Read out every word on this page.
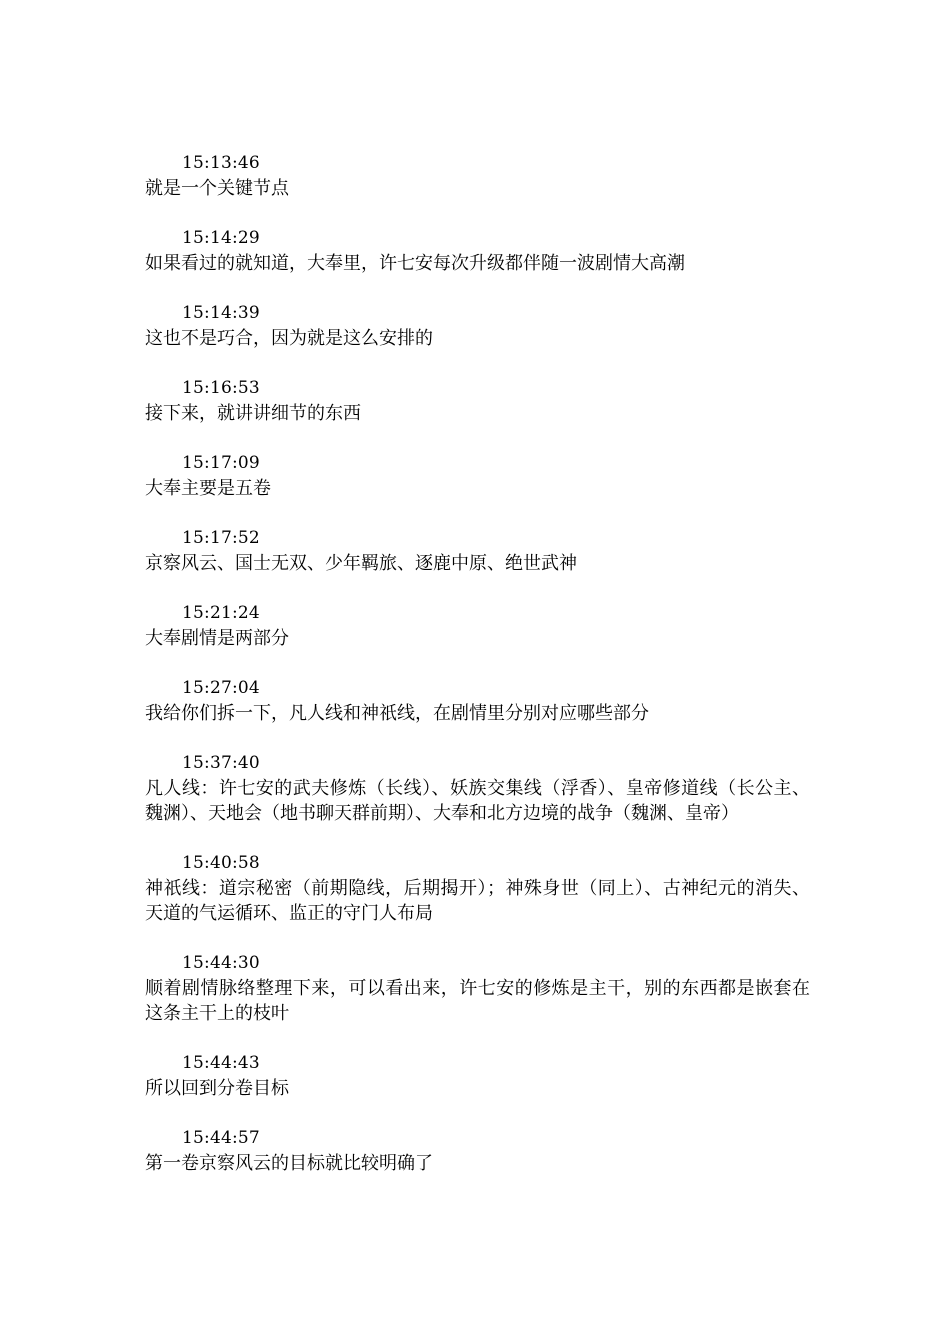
15:13:46
就是一个关键节点
15:14:29
如果看过的就知道，大奉里，许七安每次升级都伴随一波剧情大高潮
15:14:39
这也不是巧合，因为就是这么安排的
15:16:53
接下来，就讲讲细节的东西
15:17:09
大奉主要是五卷
15:17:52
京察风云、国士无双、少年羁旅、逐鹿中原、绝世武神
15:21:24
大奉剧情是两部分
15:27:04
我给你们拆一下，凡人线和神祇线，在剧情里分别对应哪些部分
15:37:40
凡人线：许七安的武夫修炼（长线）、妖族交集线（浮香）、皇帝修道线（长公主、魏渊）、天地会（地书聊天群前期）、大奉和北方边境的战争（魏渊、皇帝）
15:40:58
神祇线：道宗秘密（前期隐线，后期揭开）；神殊身世（同上）、古神纪元的消失、天道的气运循环、监正的守门人布局
15:44:30
顺着剧情脉络整理下来，可以看出来，许七安的修炼是主干，别的东西都是嵌套在这条主干上的枝叶
15:44:43
所以回到分卷目标
15:44:57
第一卷京察风云的目标就比较明确了
